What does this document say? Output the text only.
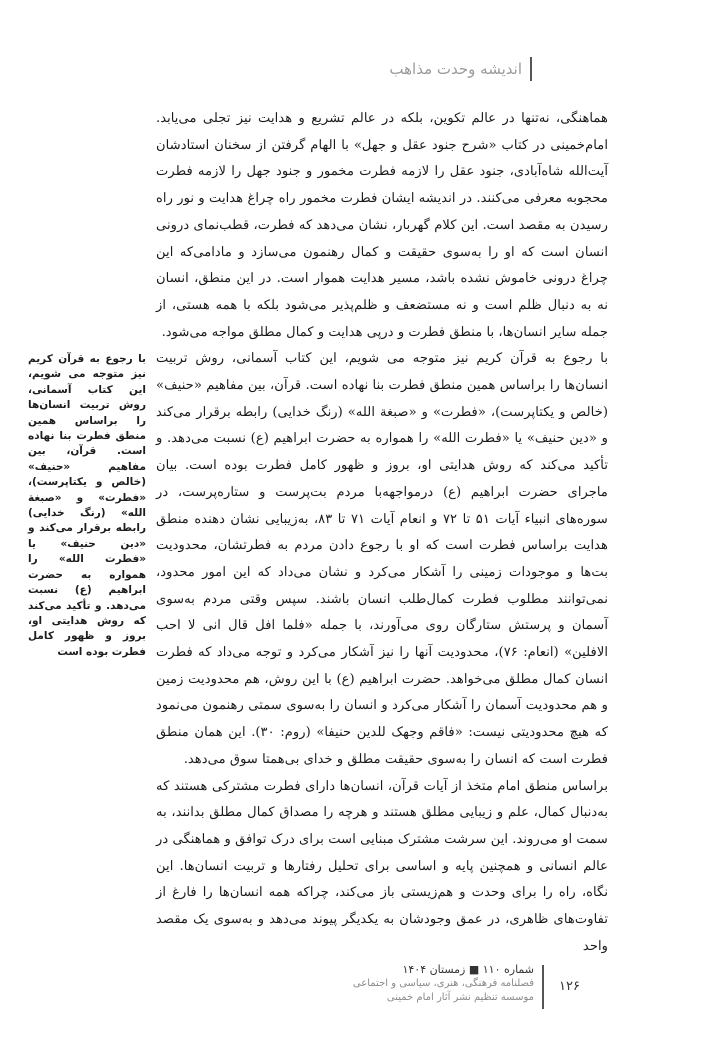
اندیشه وحدت مذاهب

هماهنگی، نه‌تنها در عالم تکوین، بلکه در عالم تشریع و هدایت نیز تجلی می‌یابد. امام‌خمینی در کتاب «شرح جنود عقل و جهل» با الهام گرفتن از سخنان استادشان آیت‌الله شاه‌آبادی، جنود عقل را لازمه فطرت مخمور و جنود جهل را لازمه فطرت محجوبه معرفی می‌کنند. در اندیشه ایشان فطرت مخمور راه چراغ هدایت و نور راه رسیدن به مقصد است. این کلام گهربار، نشان می‌دهد که فطرت، قطب‌نمای درونی انسان است که او را به‌سوی حقیقت و کمال رهنمون می‌سازد و مادامی‌که این چراغ درونی خاموش نشده باشد، مسیر هدایت هموار است. در این منطق، انسان نه به دنبال ظلم است و نه مستضعف و ظلم‌پذیر می‌شود بلکه با همه هستی، از جمله سایر انسان‌ها، با منطق فطرت و درپی هدایت و کمال مطلق مواجه می‌شود.

با رجوع به قرآن کریم نیز متوجه می شویم، این کتاب آسمانی، روش تربیت انسان‌ها را براساس همین منطق فطرت بنا نهاده است. قرآن، بین مفاهیم «حنیف» (خالص و یکتاپرست)، «فطرت» و «صبغة الله» (رنگ خدایی) رابطه برقرار می‌کند و «دین حنیف» یا «فطرت الله» را همواره به حضرت ابراهیم (ع) نسبت می‌دهد. و تأکید می‌کند که روش هدایتی او، بروز و ظهور کامل فطرت بوده است. بیان ماجرای حضرت ابراهیم (ع) درمواجهه‌با مردم بت‌پرست و ستاره‌پرست، در سوره‌های انبیاء آیات ۵۱ تا ۷۲ و انعام آیات ۷۱ تا ۸۳، به‌زیبایی نشان دهنده منطق هدایت براساس فطرت است که او با رجوع دادن مردم به فطرتشان، محدودیت بت‌ها و موجودات زمینی را آشکار می‌کرد و نشان می‌داد که این امور محدود، نمی‌توانند مطلوب فطرت کمال‌طلب انسان باشند. سپس وقتی مردم به‌سوی آسمان و پرستش ستارگان روی می‌آورند، با جمله «فلما افل قال انی لا احب الافلین» (انعام: ۷۶)، محدودیت آنها را نیز آشکار می‌کرد و توجه می‌داد که فطرت انسان کمال مطلق می‌خواهد. حضرت ابراهیم (ع) با این روش، هم محدودیت زمین و هم محدودیت آسمان را آشکار می‌کرد و انسان را به‌سوی سمتی رهنمون می‌نمود که هیچ محدودیتی نیست: «فاقم وجهک للدین حنیفا» (روم: ۳۰). این همان منطق فطرت است که انسان را به‌سوی حقیقت مطلق و خدای بی‌همتا سوق می‌دهد.

براساس منطق امام متخذ از آیات قرآن، انسان‌ها دارای فطرت مشترکی هستند که به‌دنبال کمال، علم و زیبایی مطلق هستند و هرچه را مصداق کمال مطلق بدانند، به سمت او می‌روند. این سرشت مشترک مبنایی است برای درک توافق و هماهنگی در عالم انسانی و همچنین پایه و اساسی برای تحلیل رفتارها و تربیت انسان‌ها. این نگاه، راه را برای وحدت و هم‌زیستی باز می‌کند، چراکه همه انسان‌ها را فارغ از تفاوت‌های ظاهری، در عمق وجودشان به یکدیگر پیوند می‌دهد و به‌سوی یک مقصد واحد

با رجوع به قرآن کریم نیز متوجه می شویم، این کتاب آسمانی، روش تربیت انسان‌ها را براساس همین منطق فطرت بنا نهاده است. قرآن، بین مفاهیم «حنیف» (خالص و یکتاپرست)، «فطرت» و «صبغة الله» (رنگ خدایی) رابطه برقرار می‌کند و «دین حنیف» یا «فطرت الله» را همواره به حضرت ابراهیم (ع) نسبت می‌دهد. و تأکید می‌کند که روش هدایتی او، بروز و ظهور کامل فطرت بوده است

شماره ۱۱۰ ■ زمستان ۱۴۰۴
فصلنامه فرهنگی، هنری، سیاسی و اجتماعی
موسسه تنظیم نشر آثار امام خمینی
۱۲۶
